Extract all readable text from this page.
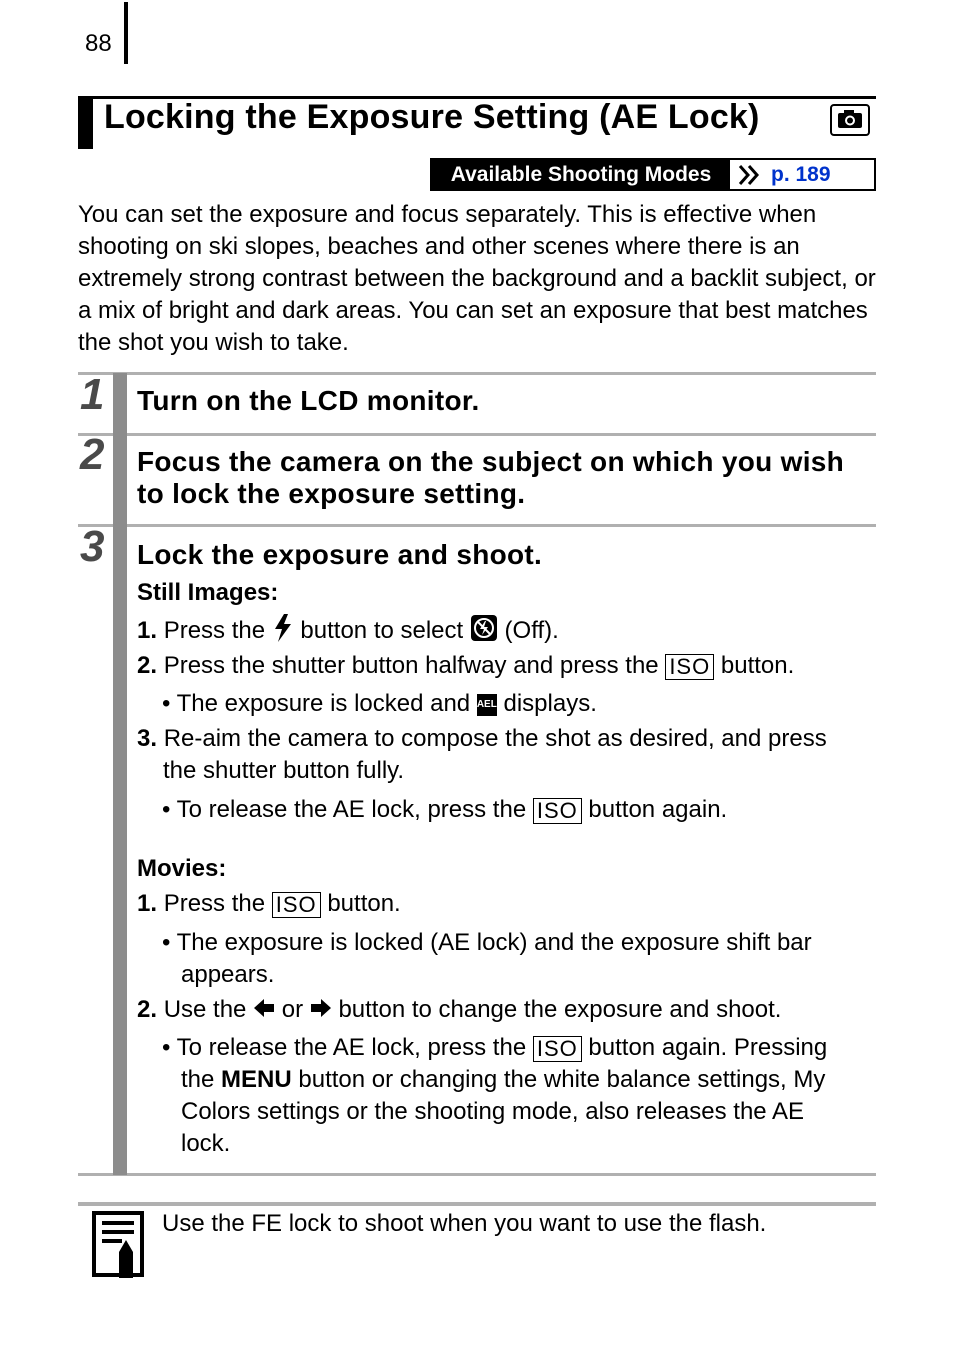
88
Locking the Exposure Setting (AE Lock)
Available Shooting Modes	p. 189
You can set the exposure and focus separately. This is effective when shooting on ski slopes, beaches and other scenes where there is an extremely strong contrast between the background and a backlit subject, or a mix of bright and dark areas. You can set an exposure that best matches the shot you wish to take.
1 Turn on the LCD monitor.
2 Focus the camera on the subject on which you wish to lock the exposure setting.
3 Lock the exposure and shoot.
Still Images:
1. Press the button to select (Off).
2. Press the shutter button halfway and press the ISO button.
• The exposure is locked and AEL displays.
3. Re-aim the camera to compose the shot as desired, and press
the shutter button fully.
• To release the AE lock, press the ISO button again.
Movies:
1. Press the ISO button.
• The exposure is locked (AE lock) and the exposure shift bar
appears.
2. Use the or button to change the exposure and shoot.
• To release the AE lock, press the ISO button again. Pressing
the MENU button or changing the white balance settings, My
Colors settings or the shooting mode, also releases the AE
lock.
Use the FE lock to shoot when you want to use the flash.
